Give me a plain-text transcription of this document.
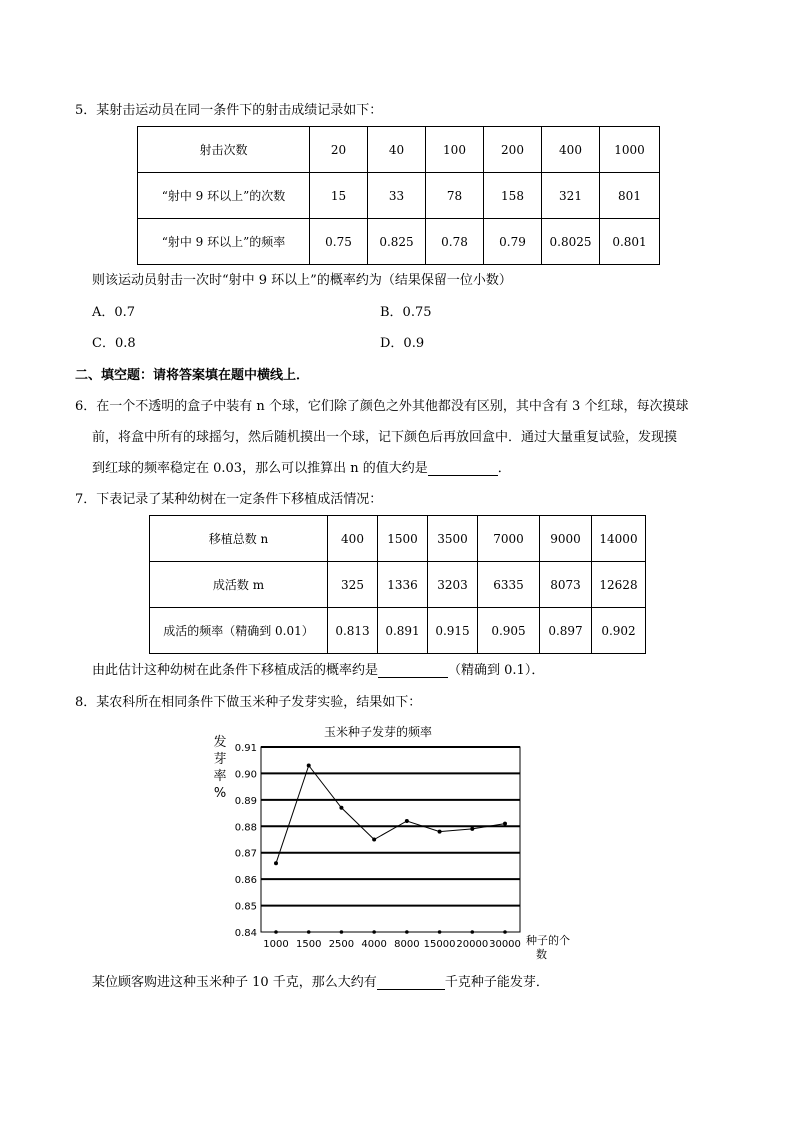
5．某射击运动员在同一条件下的射击成绩记录如下：
射击次数	20	40	100	200	400	1000
“射中 9 环以上”的次数	15	33	78	158	321	801
“射中 9 环以上”的频率	0.75	0.825	0.78	0.79	0.8025	0.801
则该运动员射击一次时“射中 9 环以上”的概率约为（结果保留一位小数）
A．0.7	B．0.75
C．0.8	D．0.9
二、填空题：请将答案填在题中横线上．
6．在一个不透明的盒子中装有 n 个球，它们除了颜色之外其他都没有区别，其中含有 3 个红球，每次摸球
前，将盒中所有的球摇匀，然后随机摸出一个球，记下颜色后再放回盒中．通过大量重复试验，发现摸
到红球的频率稳定在 0.03，那么可以推算出 n 的值大约是	．
7．下表记录了某种幼树在一定条件下移植成活情况：
移植总数 n	400	1500	3500	7000	9000	14000
成活数 m	325	1336	3203	6335	8073	12628
成活的频率（精确到 0.01）	0.813	0.891	0.915	0.905	0.897	0.902
由此估计这种幼树在此条件下移植成活的概率约是	（精确到 0.1）．
8．某农科所在相同条件下做玉米种子发芽实验，结果如下：
玉米种子发芽的频率
发
芽
率
%
0.84
0.85
0.86
0.87
0.88
0.89
0.90
0.91
1000 1500 2500 4000 8000 15000 20000 30000 种子的个
数
某位顾客购进这种玉米种子 10 千克，那么大约有	千克种子能发芽．
